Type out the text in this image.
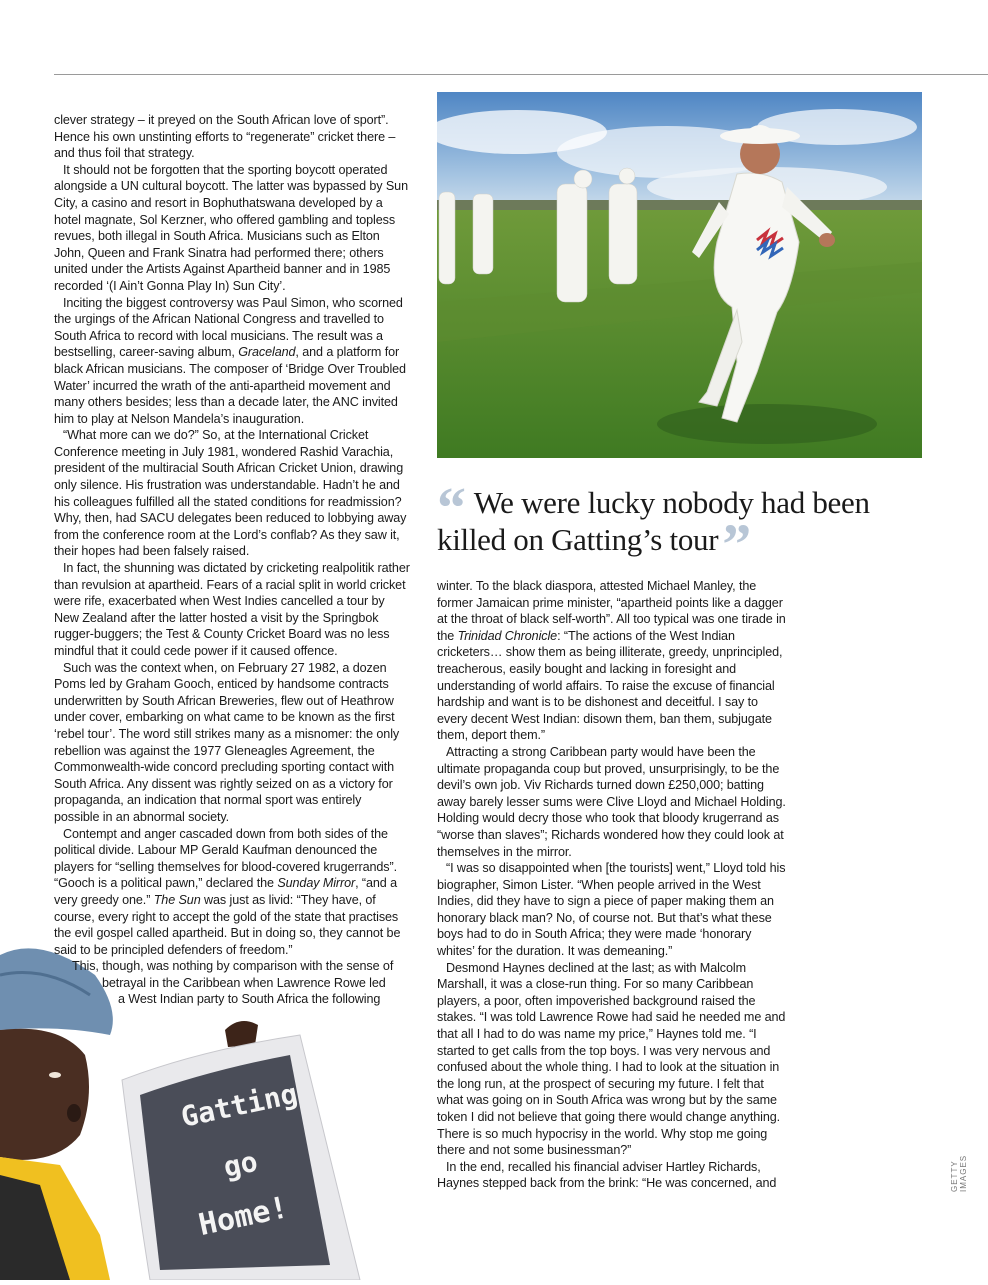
clever strategy – it preyed on the South African love of sport”. Hence his own unstinting efforts to “regenerate” cricket there – and thus foil that strategy.

It should not be forgotten that the sporting boycott operated alongside a UN cultural boycott. The latter was bypassed by Sun City, a casino and resort in Bophuthatswana developed by a hotel magnate, Sol Kerzner, who offered gambling and topless revues, both illegal in South Africa. Musicians such as Elton John, Queen and Frank Sinatra had performed there; others united under the Artists Against Apartheid banner and in 1985 recorded ‘(I Ain’t Gonna Play In) Sun City’.

Inciting the biggest controversy was Paul Simon, who scorned the urgings of the African National Congress and travelled to South Africa to record with local musicians. The result was a bestselling, career-saving album, Graceland, and a platform for black African musicians. The composer of ‘Bridge Over Troubled Water’ incurred the wrath of the anti-apartheid movement and many others besides; less than a decade later, the ANC invited him to play at Nelson Mandela’s inauguration.

“What more can we do?” So, at the International Cricket Conference meeting in July 1981, wondered Rashid Varachia, president of the multiracial South African Cricket Union, drawing only silence. His frustration was understandable. Hadn’t he and his colleagues fulfilled all the stated conditions for readmission? Why, then, had SACU delegates been reduced to lobbying away from the conference room at the Lord’s conflab? As they saw it, their hopes had been falsely raised.

In fact, the shunning was dictated by cricketing realpolitik rather than revulsion at apartheid. Fears of a racial split in world cricket were rife, exacerbated when West Indies cancelled a tour by New Zealand after the latter hosted a visit by the Springbok rugger-buggers; the Test & County Cricket Board was no less mindful that it could cede power if it caused offence.

Such was the context when, on February 27 1982, a dozen Poms led by Graham Gooch, enticed by handsome contracts underwritten by South African Breweries, flew out of Heathrow under cover, embarking on what came to be known as the first ‘rebel tour’. The word still strikes many as a misnomer: the only rebellion was against the 1977 Gleneagles Agreement, the Commonwealth-wide concord precluding sporting contact with South Africa. Any dissent was rightly seized on as a victory for propaganda, an indication that normal sport was entirely possible in an abnormal society.

Contempt and anger cascaded down from both sides of the political divide. Labour MP Gerald Kaufman denounced the players for “selling themselves for blood-covered krugerrands”. “Gooch is a political pawn,” declared the Sunday Mirror, “and a very greedy one.” The Sun was just as livid: “They have, of course, every right to accept the gold of the state that practises the evil gospel called apartheid. But in doing so, they cannot be said to be principled defenders of freedom.”

This, though, was nothing by comparison with the sense of
betrayal in the Caribbean when Lawrence Rowe led
a West Indian party to South Africa the following

“ We were lucky nobody had been killed on Gatting’s tour”

winter. To the black diaspora, attested Michael Manley, the former Jamaican prime minister, “apartheid points like a dagger at the throat of black self-worth”. All too typical was one tirade in the Trinidad Chronicle: “The actions of the West Indian cricketers… show them as being illiterate, greedy, unprincipled, treacherous, easily bought and lacking in foresight and understanding of world affairs. To raise the excuse of financial hardship and want is to be dishonest and deceitful. I say to every decent West Indian: disown them, ban them, subjugate them, deport them.”

Attracting a strong Caribbean party would have been the ultimate propaganda coup but proved, unsurprisingly, to be the devil’s own job. Viv Richards turned down £250,000; batting away barely lesser sums were Clive Lloyd and Michael Holding. Holding would decry those who took that bloody krugerrand as “worse than slaves”; Richards wondered how they could look at themselves in the mirror.

“I was so disappointed when [the tourists] went,” Lloyd told his biographer, Simon Lister. “When people arrived in the West Indies, did they have to sign a piece of paper making them an honorary black man? No, of course not. But that’s what these boys had to do in South Africa; they were made ‘honorary whites’ for the duration. It was demeaning.”

Desmond Haynes declined at the last; as with Malcolm Marshall, it was a close-run thing. For so many Caribbean players, a poor, often impoverished background raised the stakes. “I was told Lawrence Rowe had said he needed me and that all I had to do was name my price,” Haynes told me. “I started to get calls from the top boys. I was very nervous and confused about the whole thing. I had to look at the situation in the long run, at the prospect of securing my future. I felt that what was going on in South Africa was wrong but by the same token I did not believe that going there would change anything. There is so much hypocrisy in the world. Why stop me going there and not some businessman?”

In the end, recalled his financial adviser Hartley Richards, Haynes stepped back from the brink: “He was concerned, and

Gatting
go
Home!
GETTY IMAGES
